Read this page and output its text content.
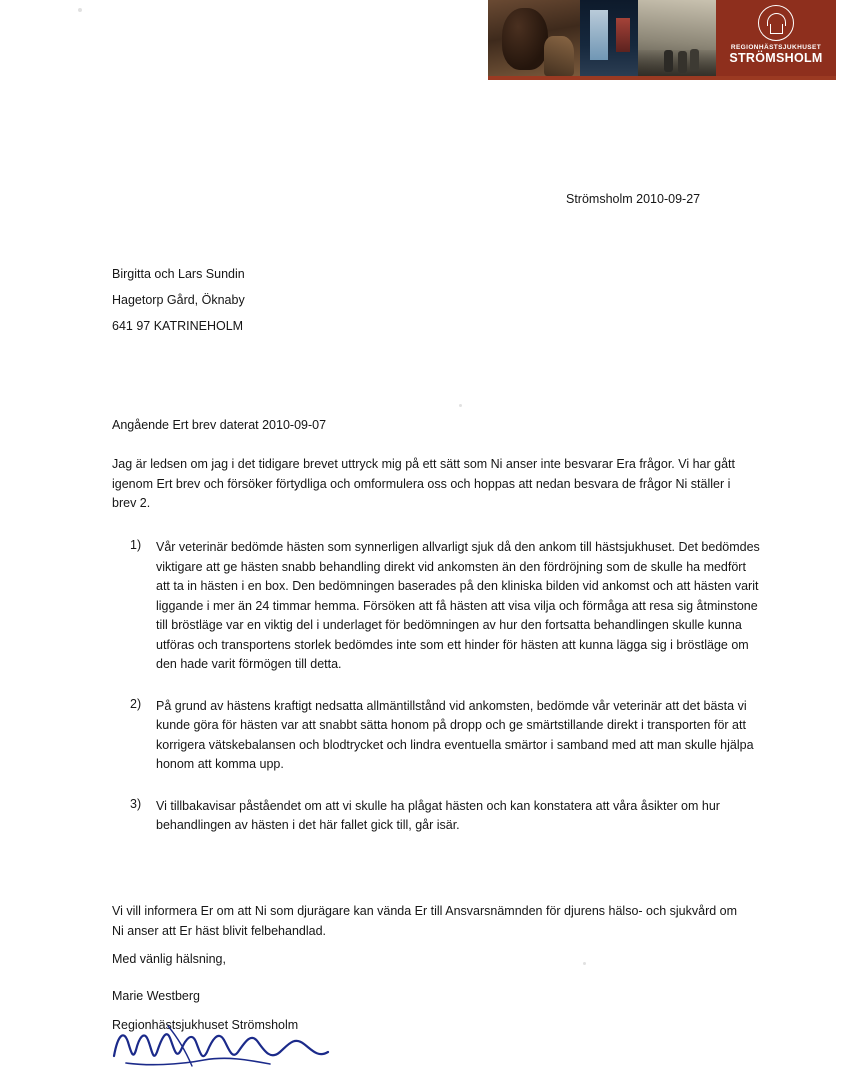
REGIONHÄSTSJUKHUSET
STRÖMSHOLM
Strömsholm 2010-09-27
Birgitta och Lars Sundin
Hagetorp Gård, Öknaby
641 97 KATRINEHOLM
Angående Ert brev daterat 2010-09-07
Jag är ledsen om jag i det tidigare brevet uttryck mig på ett sätt som Ni anser inte besvarar Era frågor. Vi har gått igenom Ert brev och försöker förtydliga och omformulera oss och hoppas att nedan besvara de frågor Ni ställer i brev 2.
1)	Vår veterinär bedömde hästen som synnerligen allvarligt sjuk då den ankom till hästsjukhuset. Det bedömdes viktigare att ge hästen snabb behandling direkt vid ankomsten än den fördröjning som de skulle ha medfört att ta in hästen i en box. Den bedömningen baserades på den kliniska bilden vid ankomst och att hästen varit liggande i mer än 24 timmar hemma. Försöken att få hästen att visa vilja och förmåga att resa sig åtminstone till bröstläge var en viktig del i underlaget för bedömningen av hur den fortsatta behandlingen skulle kunna utföras och transportens storlek bedömdes inte som ett hinder för hästen att kunna lägga sig i bröstläge om den hade varit förmögen till detta.
2)	På grund av hästens kraftigt nedsatta allmäntillstånd vid ankomsten, bedömde vår veterinär att det bästa vi kunde göra för hästen var att snabbt sätta honom på dropp och ge smärtstillande direkt i transporten för att korrigera vätskebalansen och blodtrycket och lindra eventuella smärtor i samband med att man skulle hjälpa honom att komma upp.
3)	Vi tillbakavisar påståendet om att vi skulle ha plågat hästen och kan konstatera att våra åsikter om hur behandlingen av hästen i det här fallet gick till, går isär.
Vi vill informera Er om att Ni som djurägare kan vända Er till Ansvarsnämnden för djurens hälso- och sjukvård om Ni anser att Er häst blivit felbehandlad.
Med vänlig hälsning,
Marie Westberg
Regionhästsjukhuset Strömsholm
